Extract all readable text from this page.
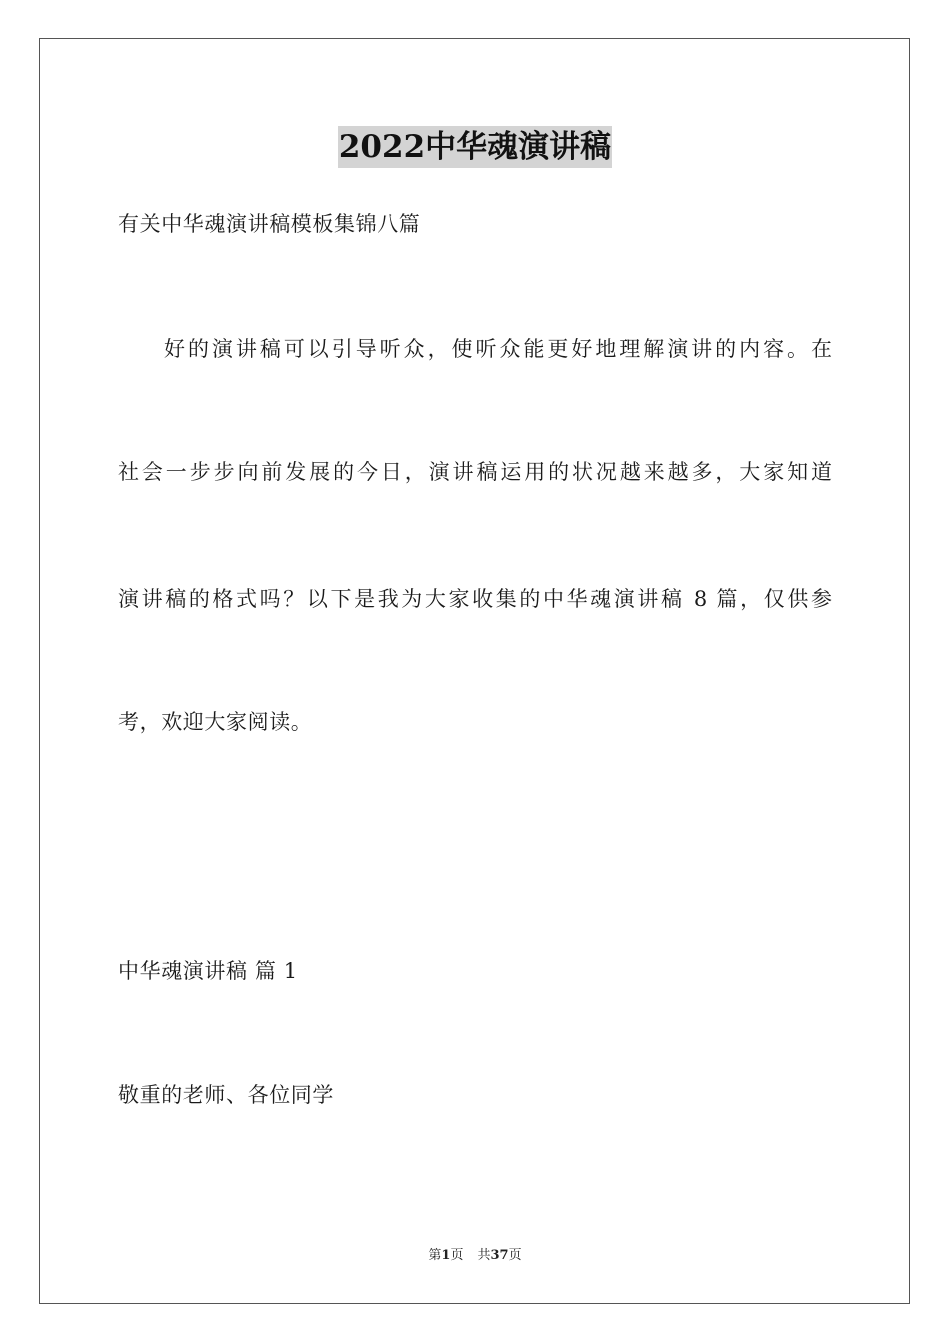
2022中华魂演讲稿
有关中华魂演讲稿模板集锦八篇
好的演讲稿可以引导听众，使听众能更好地理解演讲的内容。在
社会一步步向前发展的今日，演讲稿运用的状况越来越多，大家知道
演讲稿的格式吗？以下是我为大家收集的中华魂演讲稿 8 篇，仅供参
考，欢迎大家阅读。
中华魂演讲稿 篇 1
敬重的老师、各位同学
第1页 共37页
